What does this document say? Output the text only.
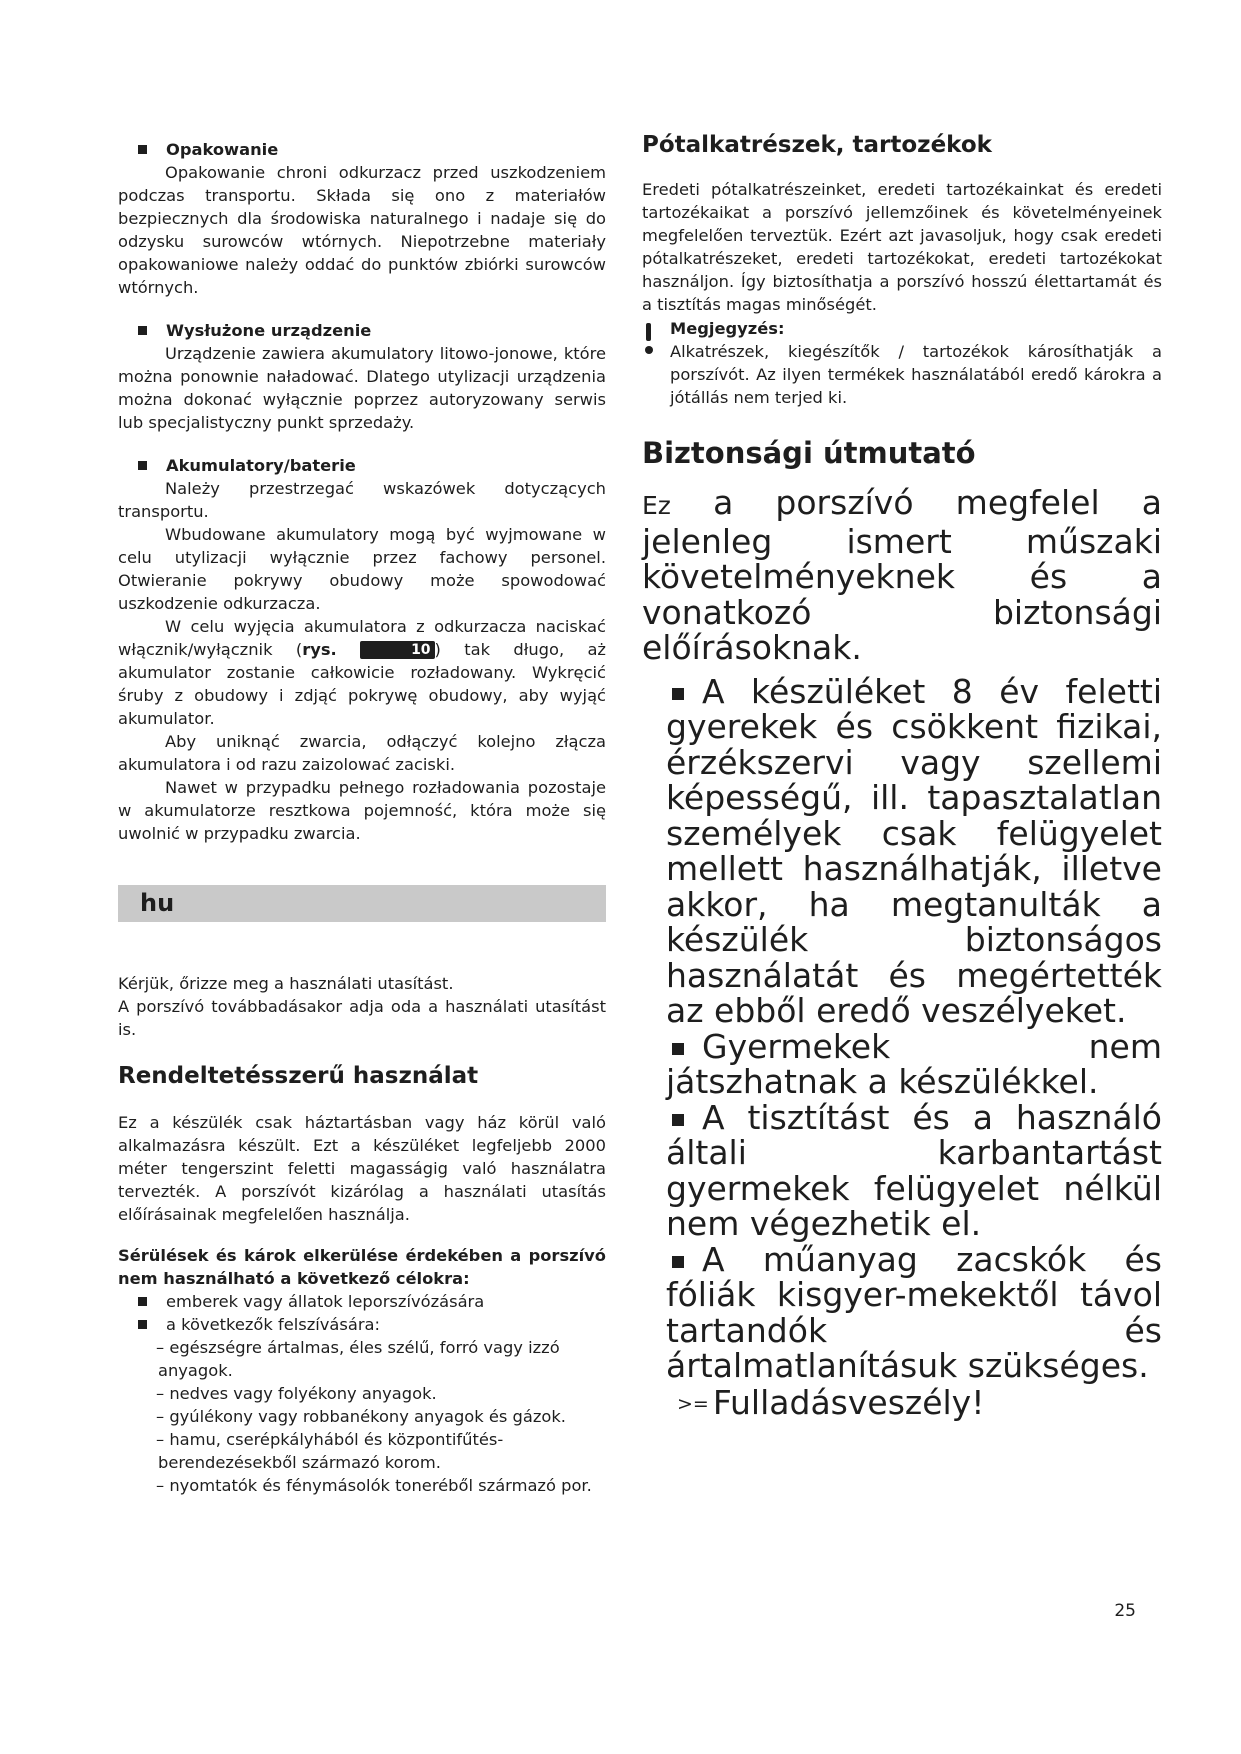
Opakowanie

Opakowanie chroni odkurzacz przed uszkodzeniem podczas transportu. Składa się ono z materiałów bezpiecznych dla środowiska naturalnego i nadaje się do odzysku surowców wtórnych. Niepotrzebne materiały opakowaniowe należy oddać do punktów zbiórki surowców wtórnych.

Wysłużone urządzenie

Urządzenie zawiera akumulatory litowo-jonowe, które można ponownie naładować. Dlatego utylizacji urządzenia można dokonać wyłącznie poprzez autoryzowany serwis lub specjalistyczny punkt sprzedaży.

Akumulatory/baterie

Należy przestrzegać wskazówek dotyczących transportu.

Wbudowane akumulatory mogą być wyjmowane w celu utylizacji wyłącznie przez fachowy personel. Otwieranie pokrywy obudowy może spowodować uszkodzenie odkurzacza.

W celu wyjęcia akumulatora z odkurzacza naciskać włącznik/wyłącznik (rys.	10 ) tak długo, aż akumulator zostanie całkowicie rozładowany. Wykręcić śruby z obudowy i zdjąć pokrywę obudowy, aby wyjąć akumulator.

Aby uniknąć zwarcia, odłączyć kolejno złącza akumulatora i od razu zaizolować zaciski.

Nawet w przypadku pełnego rozładowania pozostaje w akumulatorze resztkowa pojemność, która może się uwolnić w przypadku zwarcia.

hu

Kérjük, őrizze meg a használati utasítást.

A porszívó továbbadásakor adja oda a használati utasítást is.

Rendeltetésszerű használat

Ez a készülék csak háztartásban vagy ház körül való alkalmazásra készült. Ezt a készüléket legfeljebb 2000 méter tengerszint feletti magasságig való használatra tervezték. A porszívót kizárólag a használati utasítás előírásainak megfelelően használja.

Sérülések és károk elkerülése érdekében a porszívó nem használható a következő célokra:

emberek vagy állatok leporszívózására
a következők felszívására:
– egészségre ártalmas, éles szélű, forró vagy izzó anyagok.
– nedves vagy folyékony anyagok.
– gyúlékony vagy robbanékony anyagok és gázok.
– hamu, cserépkályhából és központifűtés-berendezésekből származó korom.
– nyomtatók és fénymásolók toneréből származó por.
Pótalkatrészek, tartozékok

Eredeti pótalkatrészeinket, eredeti tartozékainkat és eredeti tartozékaikat a porszívó jellemzőinek és követelményeinek megfelelően terveztük. Ezért azt javasoljuk, hogy csak eredeti pótalkatrészeket, eredeti tartozékokat, eredeti tartozékokat használjon. Így biztosíthatja a porszívó hosszú élettartamát és a tisztítás magas minőségét.

Megjegyzés:

Alkatrészek, kiegészítők / tartozékok károsíthatják a porszívót. Az ilyen termékek használatából eredő károkra a jótállás nem terjed ki.

Biztonsági útmutató

Ez a porszívó megfelel a jelenleg ismert műszaki követelményeknek és a vonatkozó biztonsági előírásoknak.

A készüléket 8 év feletti gyerekek és csökkent fizikai, érzékszervi vagy szellemi képességű, ill. tapasztalatlan személyek csak felügyelet mellett használhatják, illetve akkor, ha megtanulták a készülék biztonságos használatát és megértették az ebből eredő veszélyeket.
Gyermekek nem játszhatnak a készülékkel.
A tisztítást és a használó általi karbantartást gyermekek felügyelet nélkül nem végezhetik el.
A műanyag zacskók és fóliák kisgyer-mekektől távol tartandók és ártalmatlanításuk szükséges.
>= Fulladásveszély!
25
